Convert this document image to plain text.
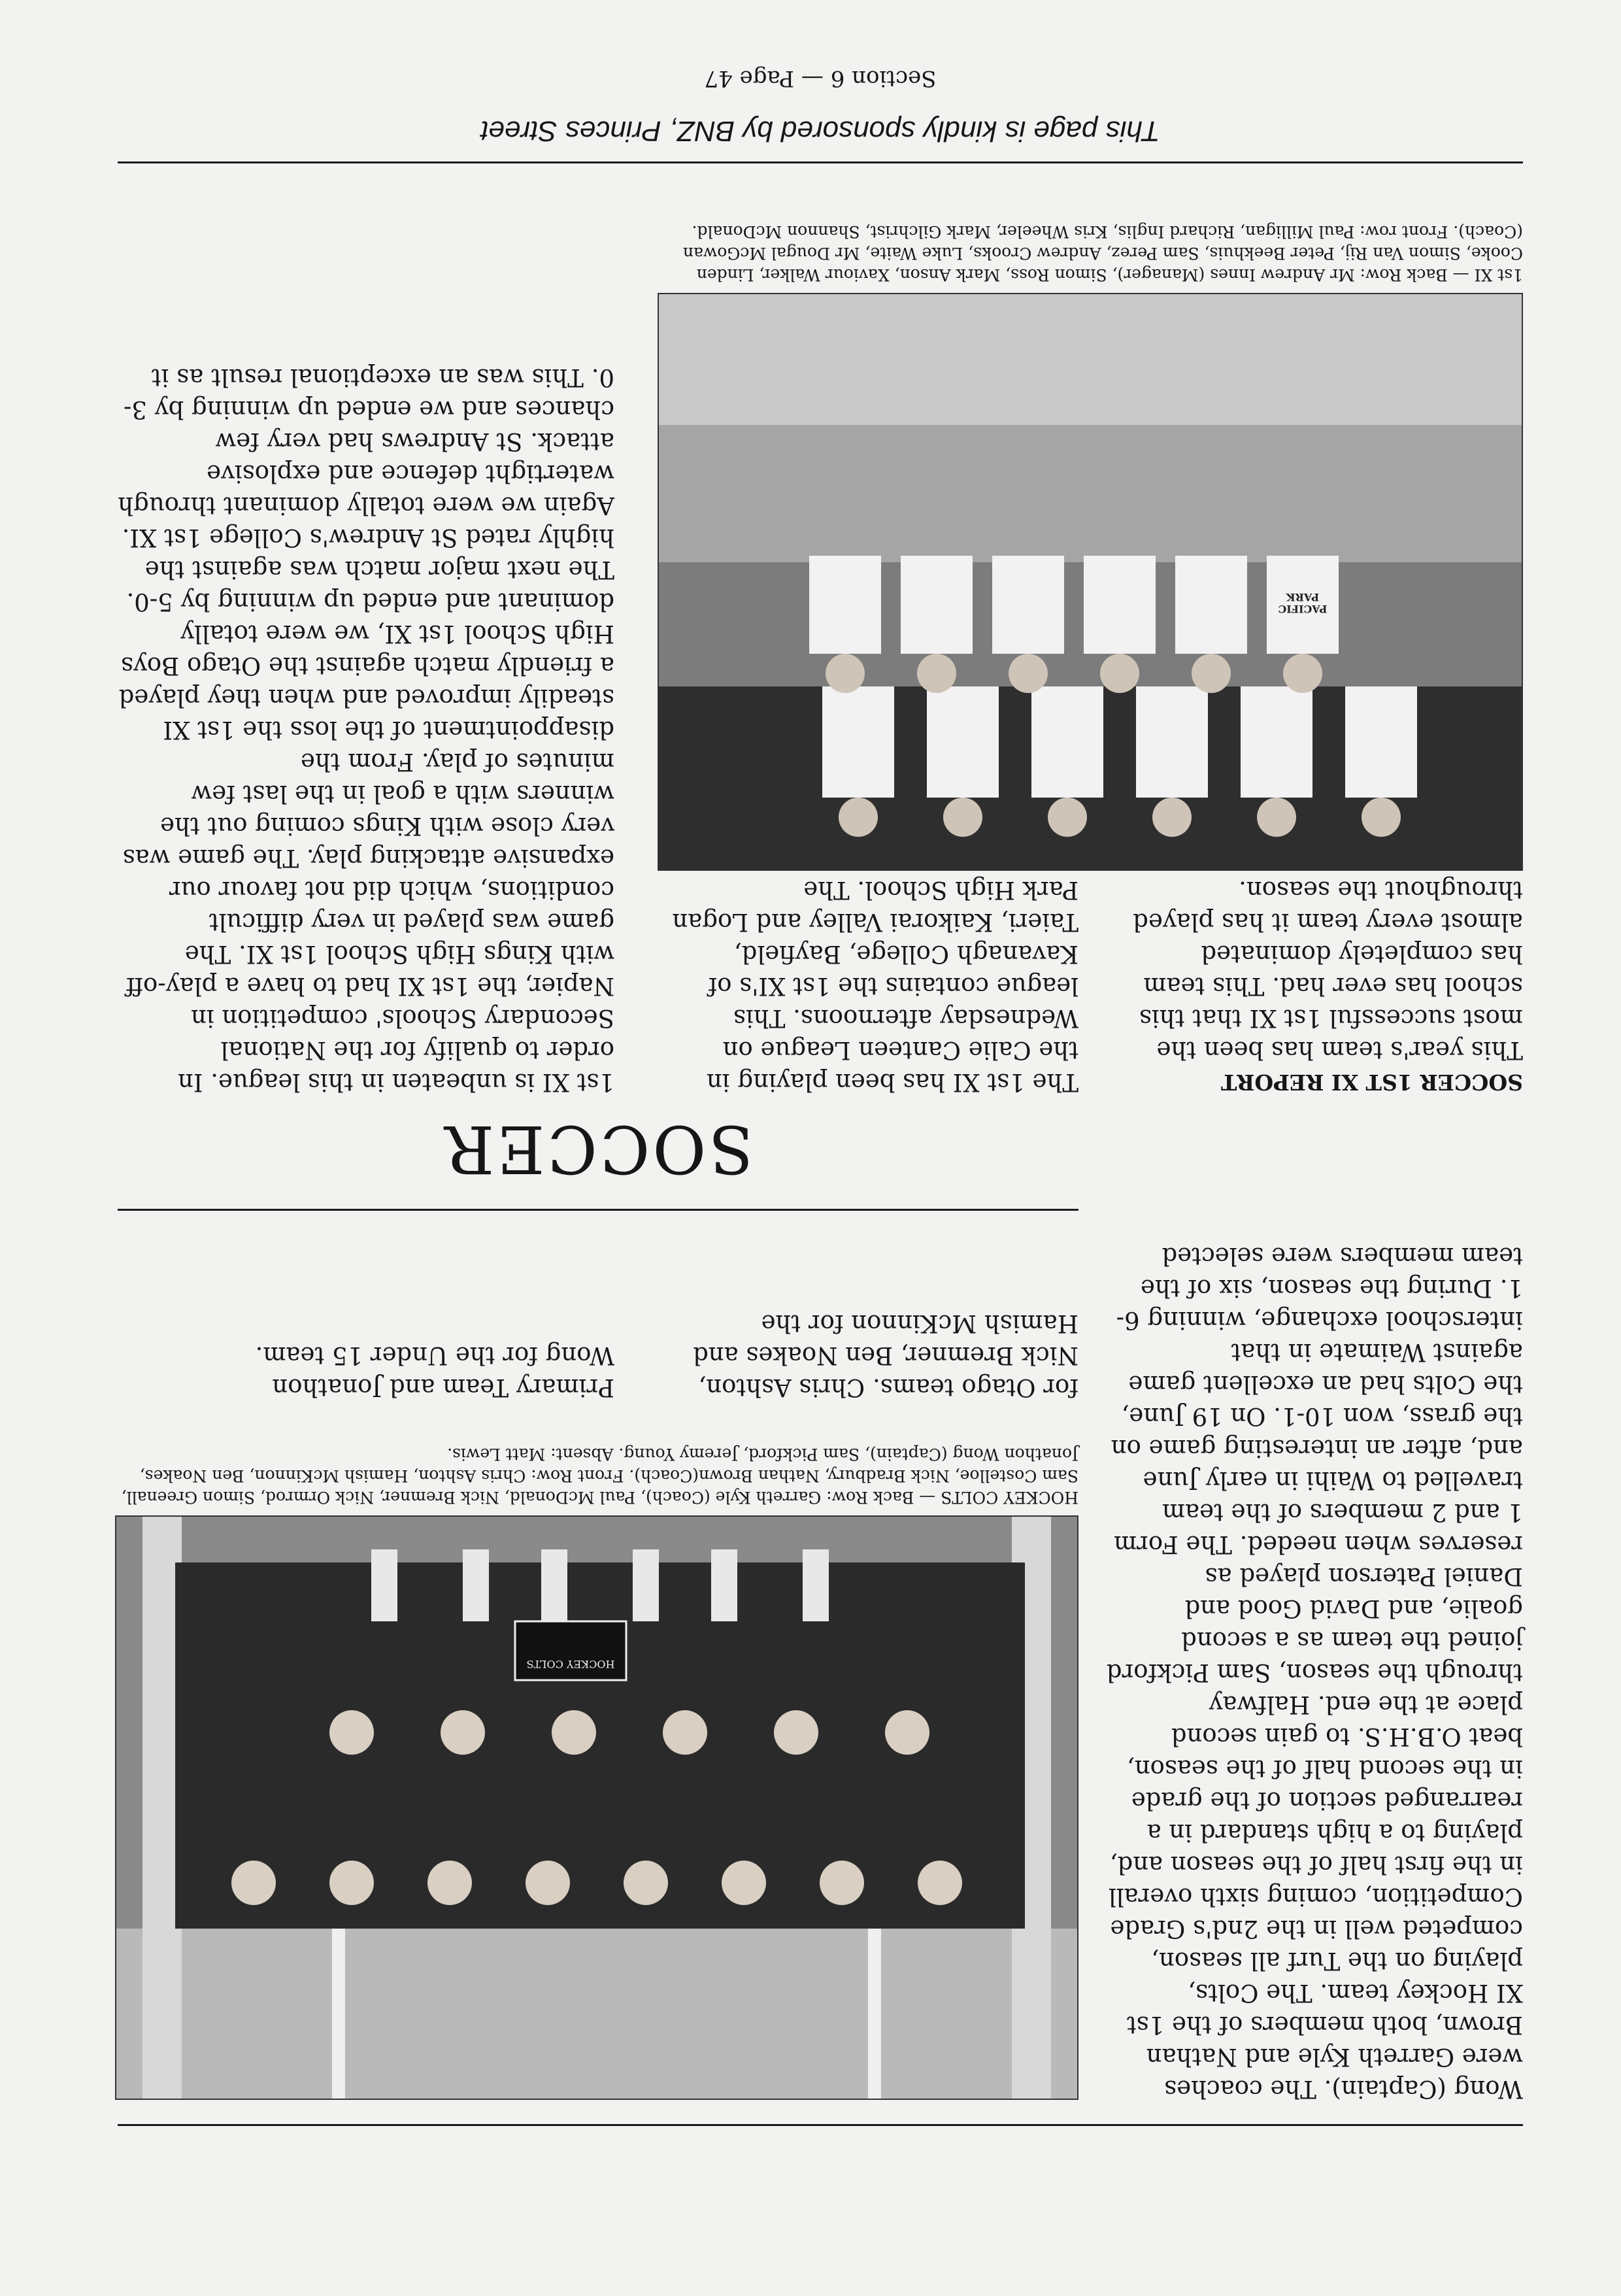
Wong (Captain). The coaches were Garreth Kyle and Nathan Brown, both members of the 1st XI Hockey team. The Colts, playing on the Turf all season, competed well in the 2nd's Grade Competition, coming sixth overall in the first half of the season and, playing to a high standard in a rearranged section of the grade in the second half of the season, beat O.B.H.S. to gain second place at the end. Halfway through the season, Sam Pickford joined the team as a second goalie, and David Good and Daniel Paterson played as reserves when needed. The Form 1 and 2 members of the team travelled to Waihi in early June and, after an interesting game on the grass, won 10-1. On 19 June, the Colts had an excellent game against Waimate in that interschool exchange, winning 6-1. During the season, six of the team members were selected
HOCKEY COLTS
HOCKEY COLTS — Back Row: Garreth Kyle (Coach), Paul McDonald, Nick Bremner, Nick Ormrod, Simon Greenall, Sam Costelloe, Nick Bradbury, Nathan Brown(Coach). Front Row: Chris Ashton, Hamish McKinnon, Ben Noakes, Jonathon Wong (Captain), Sam Pickford, Jeremy Young. Absent: Matt Lewis.
for Otago teams. Chris Ashton, Nick Bremner, Ben Noakes and Hamish McKinnon for the
Primary Team and Jonathon Wong for the Under 15 team.
SOCCER
SOCCER 1ST XI REPORT
This year's team has been the most successful 1st XI that this school has ever had. This team has completely dominated almost every team it has played throughout the season.
The 1st XI has been playing in the Calie Canteen League on Wednesday afternoons. This league contains the 1st XI's of Kavanagh College, Bayfield, Taieri, Kaikorai Valley and Logan Park High School. The
1st XI is unbeaten in this league. In order to qualify for the National Secondary Schools' competition in Napier, the 1st XI had to have a play-off with Kings High School 1st XI. The game was played in very difficult conditions, which did not favour our expansive attacking play. The game was very close with Kings coming out the winners with a goal in the last few minutes of play. From the disappointment of the loss the 1st XI steadily improved and when they played a friendly match against the Otago Boys High School 1st XI, we were totally dominant and ended up winning by 5-0. The next major match was against the highly rated St Andrew's College 1st XI. Again we were totally dominant through watertight defence and explosive attack. St Andrews had very few chances and we ended up winning by 3-0. This was an exceptional result as it
PACIFIC PARK
1st XI — Back Row: Mr Andrew Innes (Manager), Simon Ross, Mark Anson, Xaviour Walker, Linden Cooke, Simon Van Rij, Peter Beekhuis, Sam Perez, Andrew Crooks, Luke Waite, Mr Dougal McGowan (Coach). Front row: Paul Milligan, Richard Inglis, Kris Wheeler, Mark Gilchrist, Shannon McDonald.
This page is kindly sponsored by BNZ, Princes Street
Section 6 — Page 47
